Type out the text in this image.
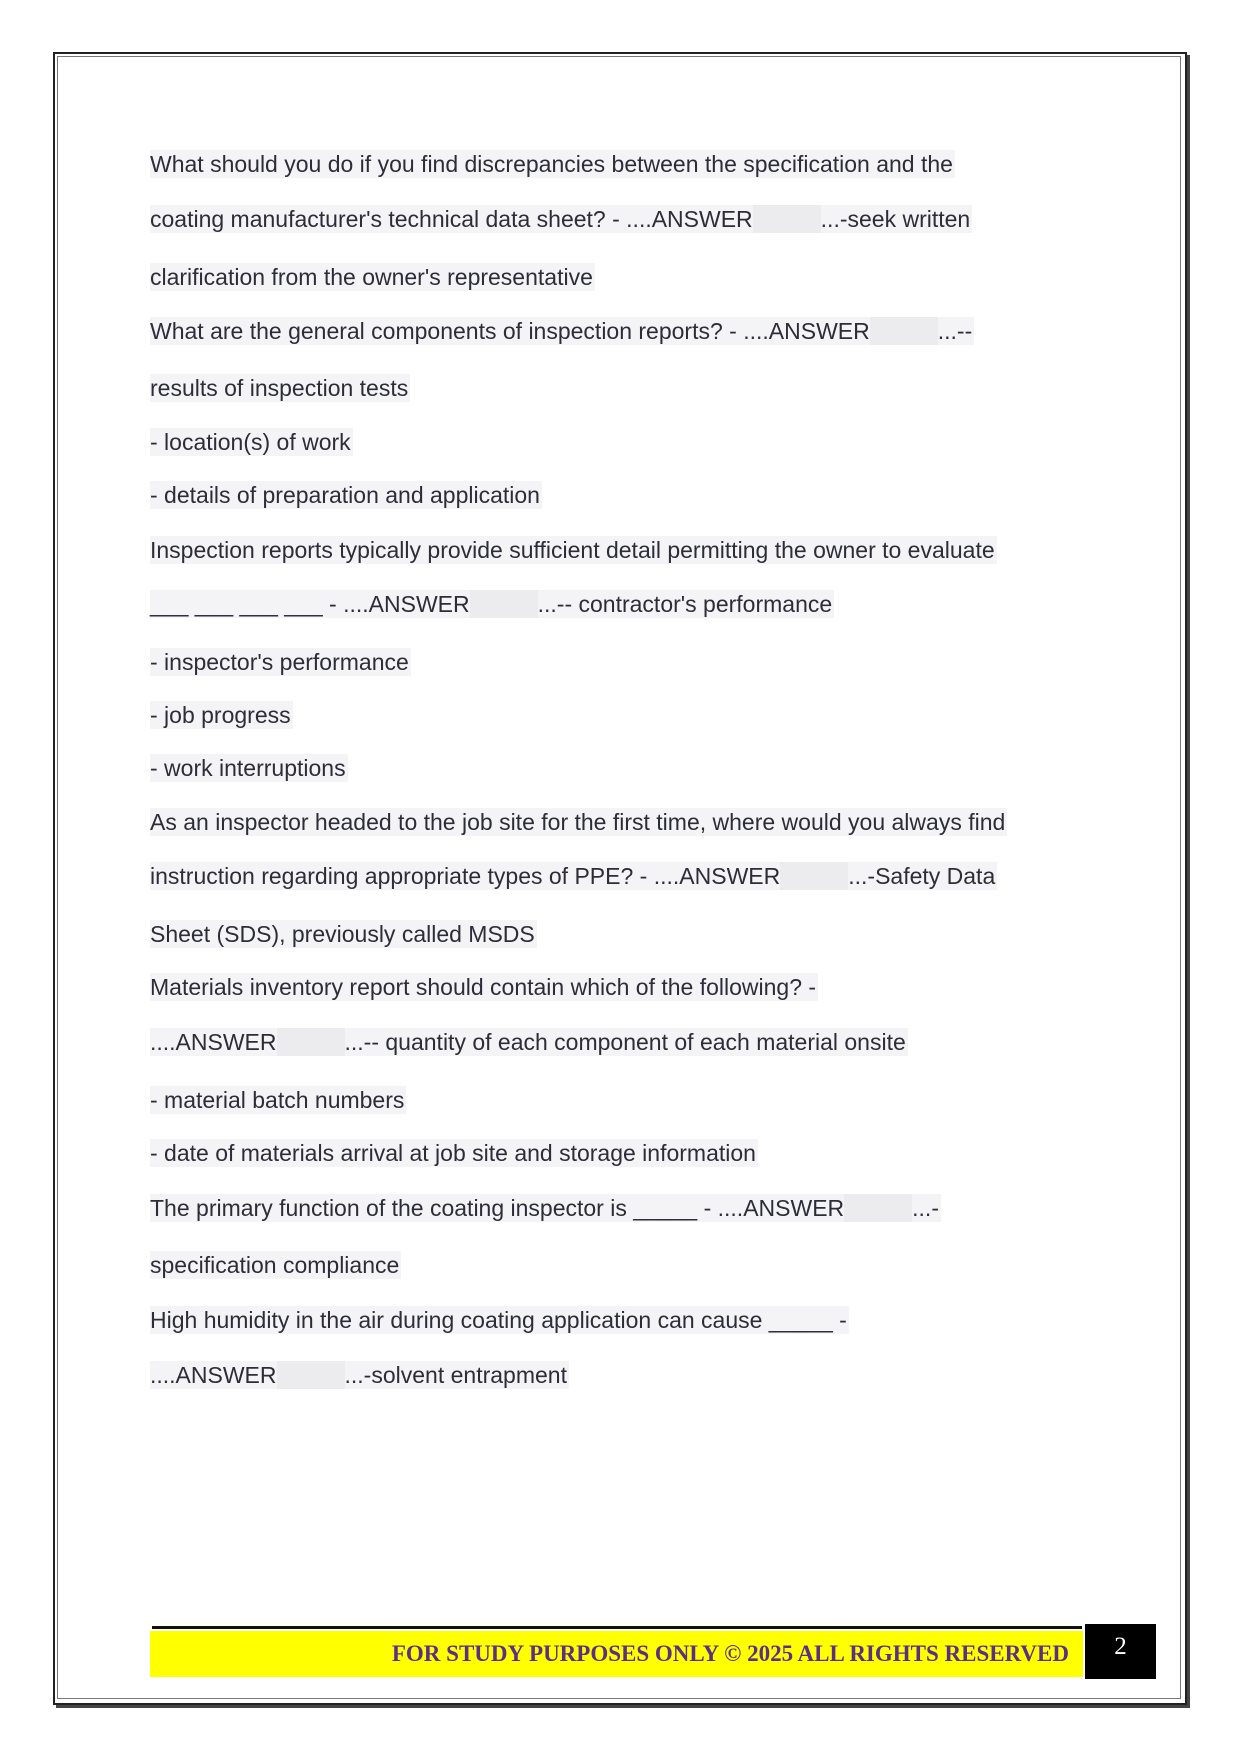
What should you do if you find discrepancies between the specification and the
coating manufacturer's technical data sheet? - ....ANSWER	...-seek written
clarification from the owner's representative
What are the general components of inspection reports? - ....ANSWER	...--
results of inspection tests
- location(s) of work
- details of preparation and application
Inspection reports typically provide sufficient detail permitting the owner to evaluate
___ ___ ___ ___ - ....ANSWER	...-- contractor's performance
- inspector's performance
- job progress
- work interruptions
As an inspector headed to the job site for the first time, where would you always find
instruction regarding appropriate types of PPE? - ....ANSWER	...-Safety Data
Sheet (SDS), previously called MSDS
Materials inventory report should contain which of the following? -
....ANSWER	...-- quantity of each component of each material onsite
- material batch numbers
- date of materials arrival at job site and storage information
The primary function of the coating inspector is _____ - ....ANSWER	...-
specification compliance
High humidity in the air during coating application can cause _____ -
....ANSWER	...-solvent entrapment
FOR STUDY PURPOSES ONLY © 2025 ALL RIGHTS RESERVED	2
